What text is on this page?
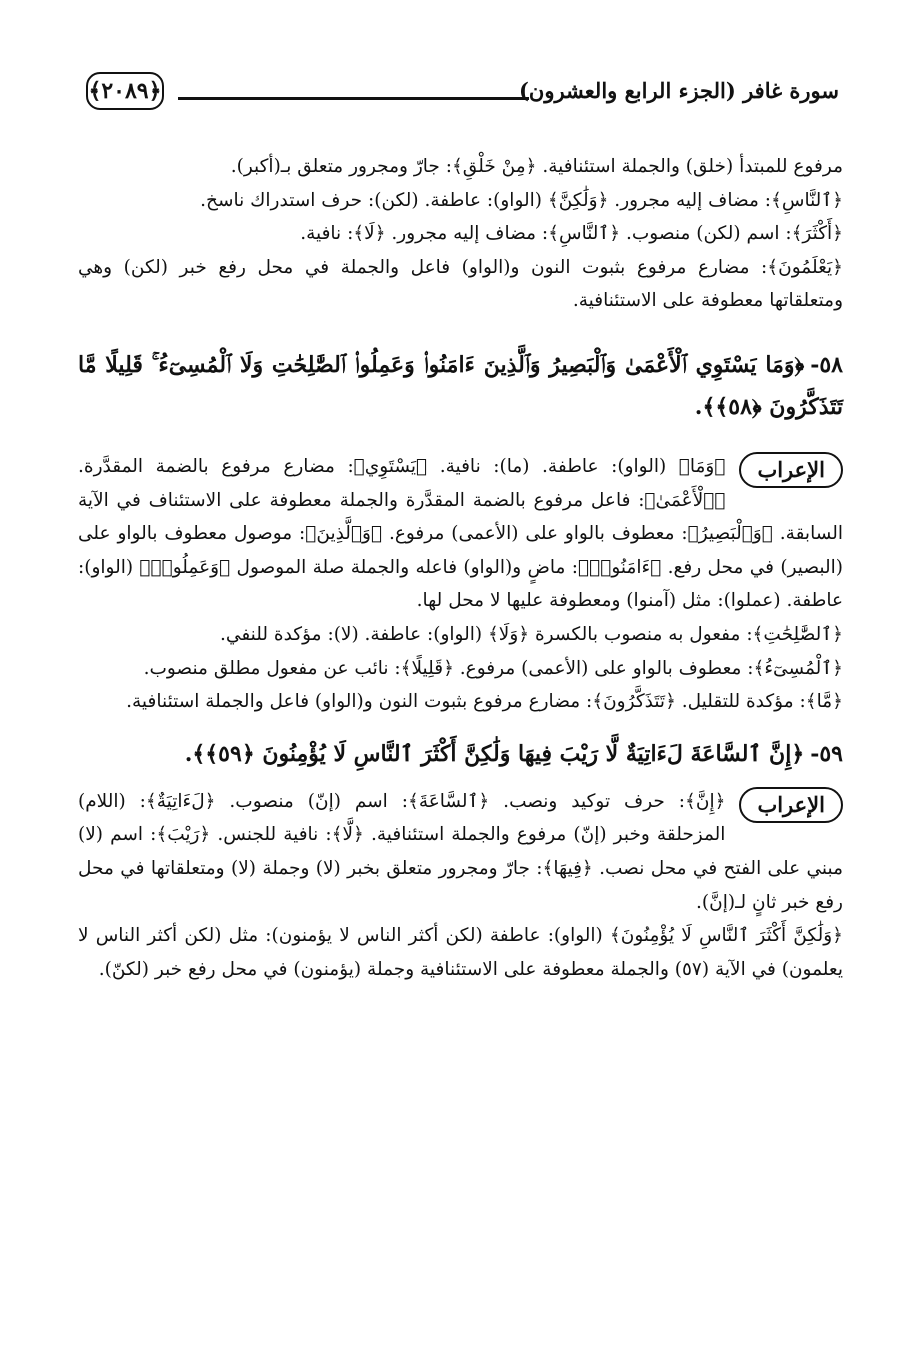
سورة غافر (الجزء الرابع والعشرون)
﴿٢٠٨٩﴾

مرفوع للمبتدأ (خلق) والجملة استئنافية. ﴿مِنْ خَلْقِ﴾: جارّ ومجرور متعلق بـ(أكبر).

﴿ٱلنَّاسِ﴾: مضاف إليه مجرور. ﴿وَلَٰكِنَّ﴾ (الواو): عاطفة. (لكن): حرف استدراك ناسخ.

﴿أَكْثَرَ﴾: اسم (لكن) منصوب. ﴿ٱلنَّاسِ﴾: مضاف إليه مجرور. ﴿لَا﴾: نافية.

﴿يَعْلَمُونَ﴾: مضارع مرفوع بثبوت النون و(الواو) فاعل والجملة في محل رفع خبر (لكن) وهي ومتعلقاتها معطوفة على الاستئنافية.

٥٨-﴿وَمَا يَسْتَوِي ٱلْأَعْمَىٰ وَٱلْبَصِيرُ وَٱلَّذِينَ ءَامَنُوا۟ وَعَمِلُوا۟ ٱلصَّٰلِحَٰتِ وَلَا ٱلْمُسِىٓءُ ۚ قَلِيلًا مَّا تَتَذَكَّرُونَ ﴿٥٨﴾﴾.

الإعراب

﴿وَمَا﴾ (الواو): عاطفة. (ما): نافية. ﴿يَسْتَوِي﴾: مضارع مرفوع بالضمة المقدَّرة. ﴿ٱلْأَعْمَىٰ﴾: فاعل مرفوع بالضمة المقدَّرة والجملة معطوفة على الاستئناف في الآية السابقة. ﴿وَٱلْبَصِيرُ﴾: معطوف بالواو على (الأعمى) مرفوع. ﴿وَٱلَّذِينَ﴾: موصول معطوف بالواو على (البصير) في محل رفع. ﴿ءَامَنُوا۟﴾: ماضٍ و(الواو) فاعله والجملة صلة الموصول ﴿وَعَمِلُوا۟﴾ (الواو): عاطفة. (عملوا): مثل (آمنوا) ومعطوفة عليها لا محل لها.

﴿ٱلصَّٰلِحَٰتِ﴾: مفعول به منصوب بالكسرة ﴿وَلَا﴾ (الواو): عاطفة. (لا): مؤكدة للنفي.

﴿ٱلْمُسِىٓءُ﴾: معطوف بالواو على (الأعمى) مرفوع. ﴿قَلِيلًا﴾: نائب عن مفعول مطلق منصوب.

﴿مَّا﴾: مؤكدة للتقليل. ﴿تَتَذَكَّرُونَ﴾: مضارع مرفوع بثبوت النون و(الواو) فاعل والجملة استئنافية.

٥٩-﴿إِنَّ ٱلسَّاعَةَ لَءَاتِيَةٌ لَّا رَيْبَ فِيهَا وَلَٰكِنَّ أَكْثَرَ ٱلنَّاسِ لَا يُؤْمِنُونَ ﴿٥٩﴾﴾.

الإعراب

﴿إِنَّ﴾: حرف توكيد ونصب. ﴿ٱلسَّاعَةَ﴾: اسم (إنّ) منصوب. ﴿لَءَاتِيَةٌ﴾: (اللام) المزحلقة وخبر (إنّ) مرفوع والجملة استئنافية. ﴿لَّا﴾: نافية للجنس. ﴿رَيْبَ﴾: اسم (لا) مبني على الفتح في محل نصب. ﴿فِيهَا﴾: جارّ ومجرور متعلق بخبر (لا) وجملة (لا) ومتعلقاتها في محل رفع خبر ثانٍ لـ(إنَّ).

﴿وَلَٰكِنَّ أَكْثَرَ ٱلنَّاسِ لَا يُؤْمِنُونَ﴾ (الواو): عاطفة (لكن أكثر الناس لا يؤمنون): مثل (لكن أكثر الناس لا يعلمون) في الآية (٥٧) والجملة معطوفة على الاستئنافية وجملة (يؤمنون) في محل رفع خبر (لكنّ).
